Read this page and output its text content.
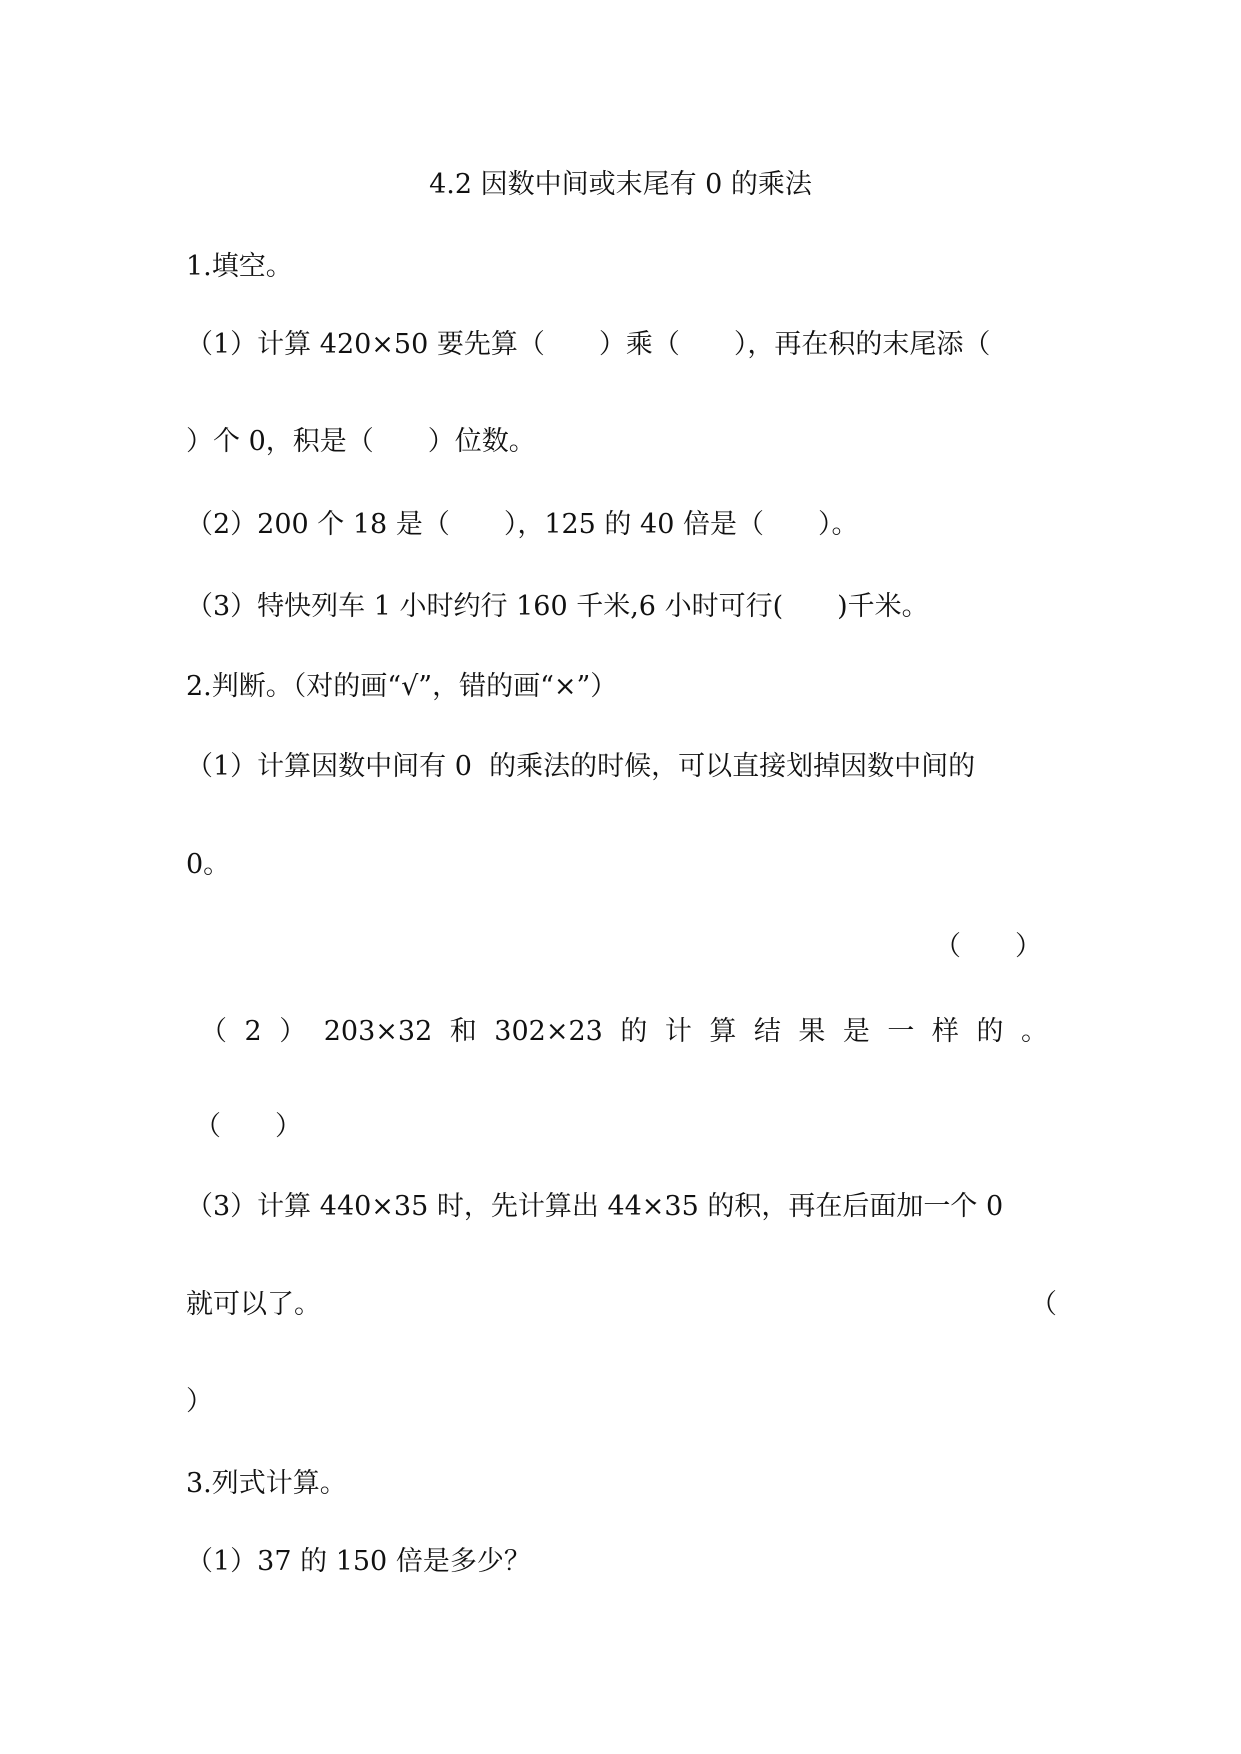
4.2 因数中间或末尾有 0 的乘法
1.填空。
（1）计算 420×50 要先算（　　）乘（　　），再在积的末尾添（
）个 0，积是（　　）位数。
（2）200 个 18 是（　　），125 的 40 倍是（　　）。
（3）特快列车 1 小时约行 160 千米,6 小时可行(　　)千米。
2.判断。（对的画“√”，错的画“×”）
（1）计算因数中间有 0  的乘法的时候，可以直接划掉因数中间的
0。
（　　）
（ 2 ） 203×32 和 302×23 的 计 算 结 果 是 一 样 的 。
（　　）
（3）计算 440×35 时，先计算出 44×35 的积，再在后面加一个 0
就可以了。	（
）
3.列式计算。
（1）37 的 150 倍是多少？
